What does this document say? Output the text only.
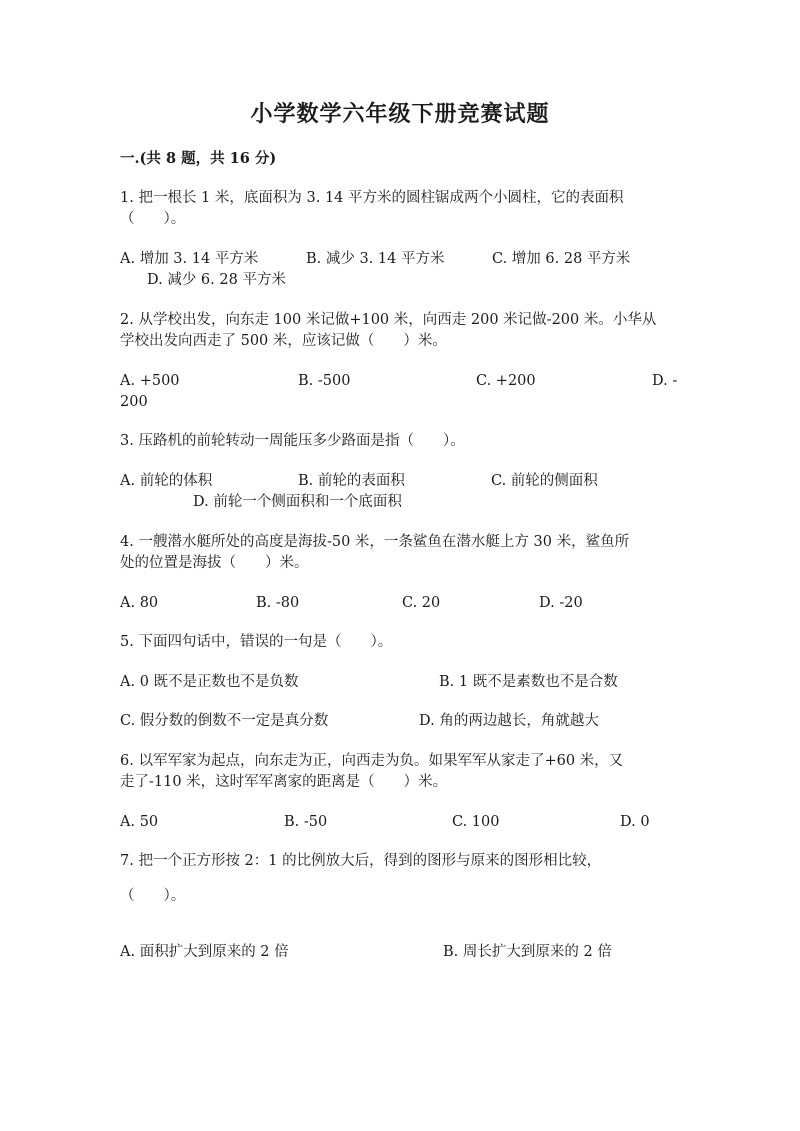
小学数学六年级下册竞赛试题
一.(共 8 题，共 16 分)
1. 把一根长 1 米，底面积为 3. 14 平方米的圆柱锯成两个小圆柱，它的表面积
（　　）。
A. 增加 3. 14 平方米	B. 减少 3. 14 平方米	C. 增加 6. 28 平方米
D. 减少 6. 28 平方米
2. 从学校出发，向东走 100 米记做+100 米，向西走 200 米记做-200 米。小华从
学校出发向西走了 500 米，应该记做（　　）米。
A. +500	B. -500	C. +200	D. -
200
3. 压路机的前轮转动一周能压多少路面是指（　　）。
A. 前轮的体积	B. 前轮的表面积	C. 前轮的侧面积
D. 前轮一个侧面积和一个底面积
4. 一艘潜水艇所处的高度是海拔-50 米，一条鲨鱼在潜水艇上方 30 米，鲨鱼所
处的位置是海拔（　　）米。
A. 80	B. -80	C. 20	D. -20
5. 下面四句话中，错误的一句是（　　）。
A. 0 既不是正数也不是负数	B. 1 既不是素数也不是合数
C. 假分数的倒数不一定是真分数	D. 角的两边越长，角就越大
6. 以军军家为起点，向东走为正，向西走为负。如果军军从家走了+60 米，又
走了-110 米，这时军军离家的距离是（　　）米。
A. 50	B. -50	C. 100	D. 0
7. 把一个正方形按 2：1 的比例放大后，得到的图形与原来的图形相比较，
（　　）。
A. 面积扩大到原来的 2 倍	B. 周长扩大到原来的 2 倍
